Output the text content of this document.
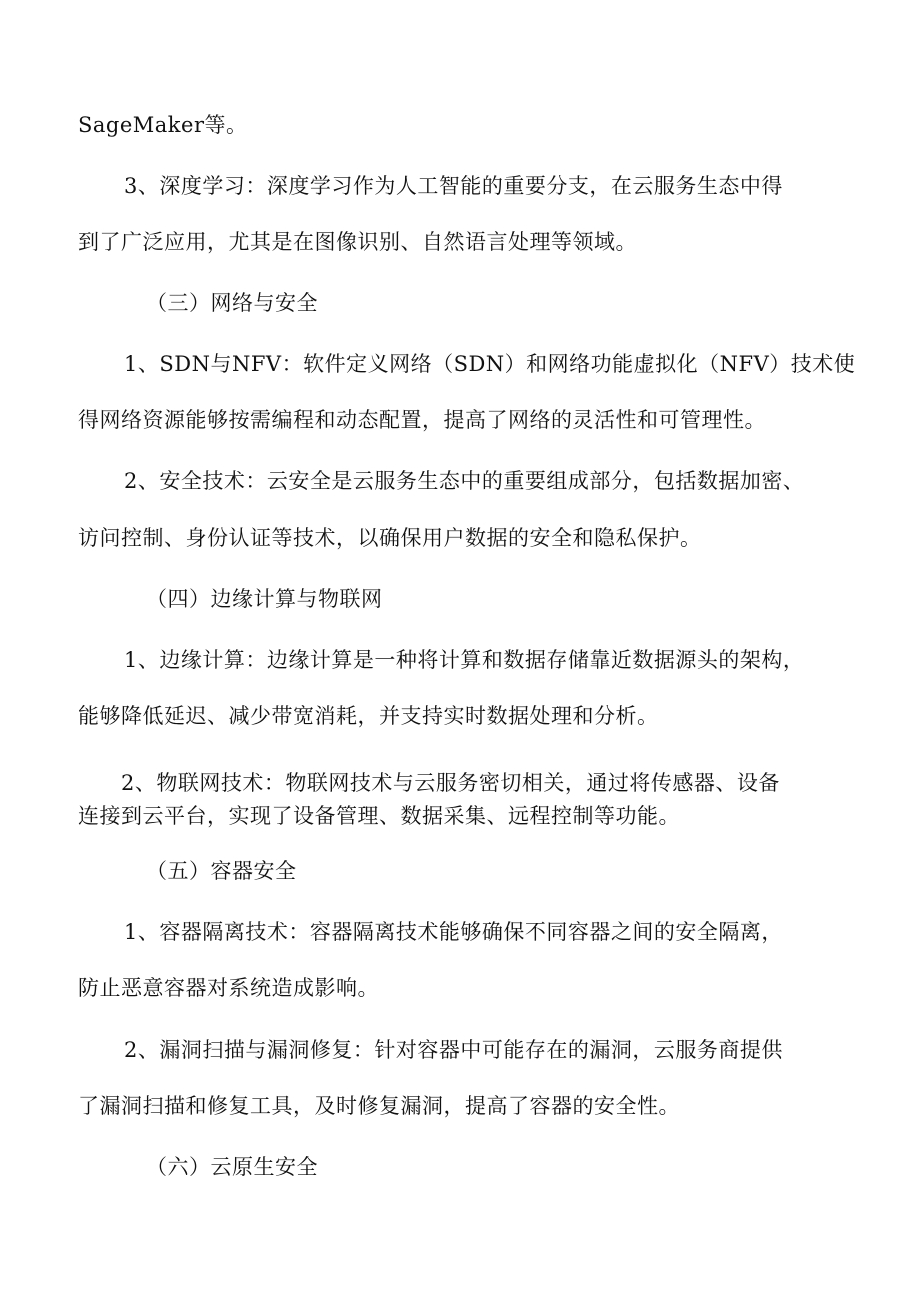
SageMaker等。
3、深度学习：深度学习作为人工智能的重要分支，在云服务生态中得
到了广泛应用，尤其是在图像识别、自然语言处理等领域。
（三）网络与安全
1、SDN与NFV：软件定义网络（SDN）和网络功能虚拟化（NFV）技术使
得网络资源能够按需编程和动态配置，提高了网络的灵活性和可管理性。
2、安全技术：云安全是云服务生态中的重要组成部分，包括数据加密、
访问控制、身份认证等技术，以确保用户数据的安全和隐私保护。
（四）边缘计算与物联网
1、边缘计算：边缘计算是一种将计算和数据存储靠近数据源头的架构，
能够降低延迟、减少带宽消耗，并支持实时数据处理和分析。
2、物联网技术：物联网技术与云服务密切相关，通过将传感器、设备
连接到云平台，实现了设备管理、数据采集、远程控制等功能。
（五）容器安全
1、容器隔离技术：容器隔离技术能够确保不同容器之间的安全隔离，
防止恶意容器对系统造成影响。
2、漏洞扫描与漏洞修复：针对容器中可能存在的漏洞，云服务商提供
了漏洞扫描和修复工具，及时修复漏洞，提高了容器的安全性。
（六）云原生安全
